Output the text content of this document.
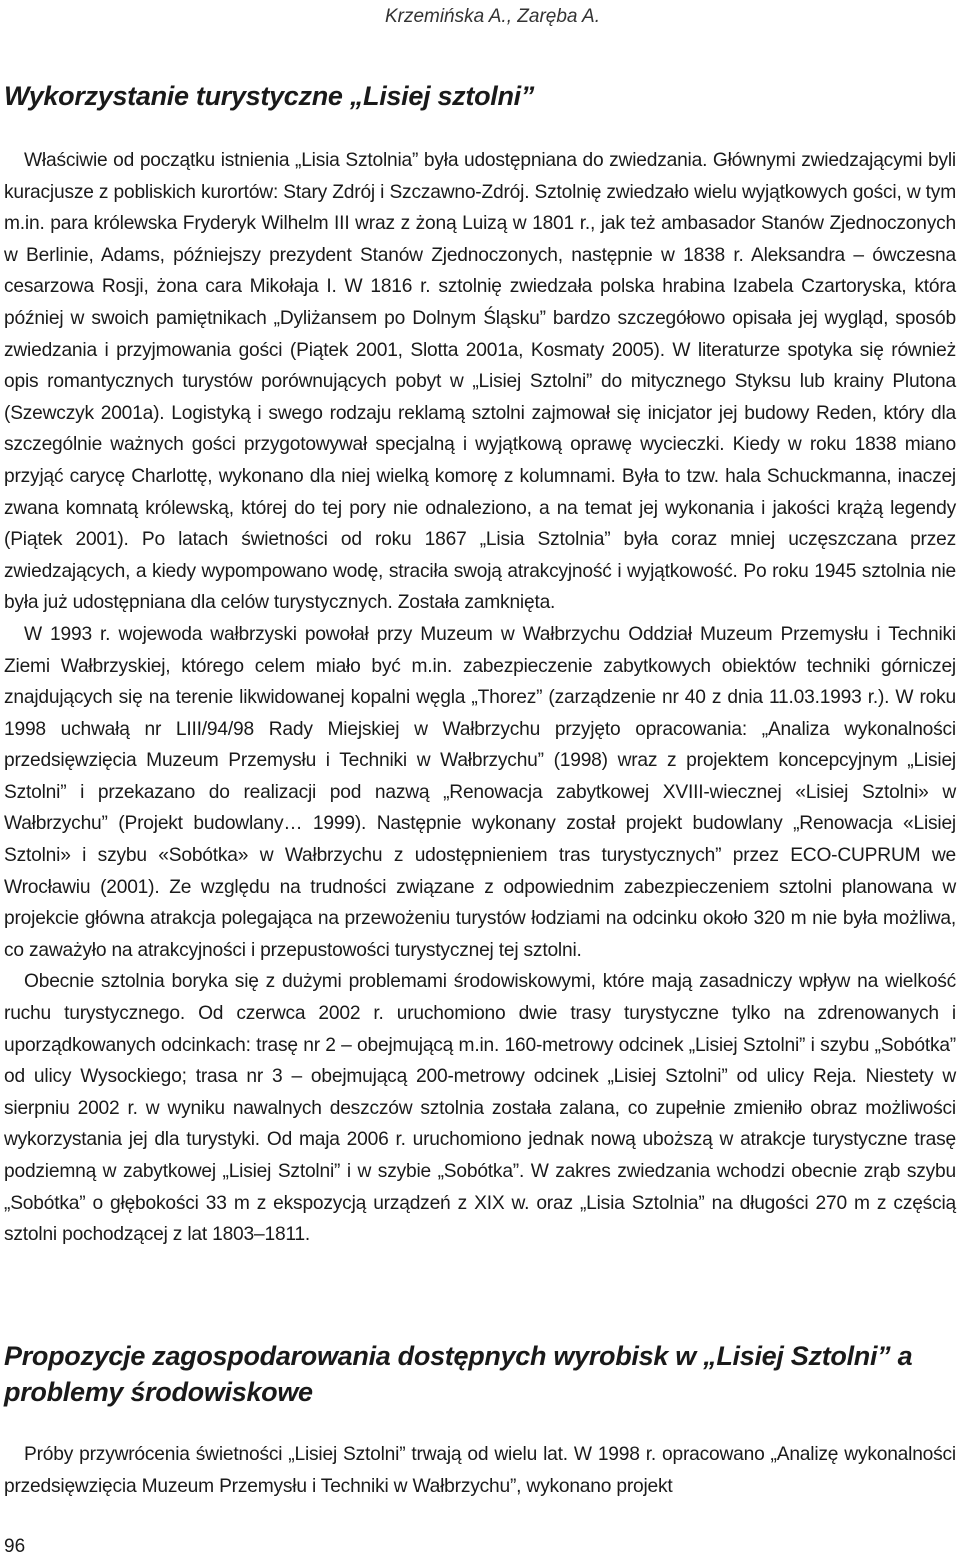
Krzemińska A., Zaręba A.
Wykorzystanie turystyczne „Lisiej sztolni”

Właściwie od początku istnienia „Lisia Sztolnia” była udostępniana do zwiedzania. Głównymi zwiedzającymi byli kuracjusze z pobliskich kurortów: Stary Zdrój i Szczawno-Zdrój. Sztolnię zwiedzało wielu wyjątkowych gości, w tym m.in. para królewska Fryderyk Wilhelm III wraz z żoną Luizą w 1801 r., jak też ambasador Stanów Zjednoczonych w Berlinie, Adams, późniejszy prezydent Stanów Zjednoczonych, następnie w 1838 r. Aleksandra – ówczesna cesarzowa Rosji, żona cara Mikołaja I. W 1816 r. sztolnię zwiedzała polska hrabina Izabela Czartoryska, która później w swoich pamiętnikach „Dyliżansem po Dolnym Śląsku” bardzo szczegółowo opisała jej wygląd, sposób zwiedzania i przyjmowania gości (Piątek 2001, Slotta 2001a, Kosmaty 2005). W literaturze spotyka się również opis romantycznych turystów porównujących pobyt w „Lisiej Sztolni” do mitycznego Styksu lub krainy Plutona (Szewczyk 2001a). Logistyką i swego rodzaju reklamą sztolni zajmował się inicjator jej budowy Reden, który dla szczególnie ważnych gości przygotowywał specjalną i wyjątkową oprawę wycieczki. Kiedy w roku 1838 miano przyjąć carycę Charlottę, wykonano dla niej wielką komorę z kolumnami. Była to tzw. hala Schuckmanna, inaczej zwana komnatą królewską, której do tej pory nie odnaleziono, a na temat jej wykonania i jakości krążą legendy (Piątek 2001). Po latach świetności od roku 1867 „Lisia Sztolnia” była coraz mniej uczęszczana przez zwiedzających, a kiedy wypompowano wodę, straciła swoją atrakcyjność i wyjątkowość. Po roku 1945 sztolnia nie była już udostępniana dla celów turystycznych. Została zamknięta.

W 1993 r. wojewoda wałbrzyski powołał przy Muzeum w Wałbrzychu Oddział Muzeum Przemysłu i Techniki Ziemi Wałbrzyskiej, którego celem miało być m.in. zabezpieczenie zabytkowych obiektów techniki górniczej znajdujących się na terenie likwidowanej kopalni węgla „Thorez” (zarządzenie nr 40 z dnia 11.03.1993 r.). W roku 1998 uchwałą nr LIII/94/98 Rady Miejskiej w Wałbrzychu przyjęto opracowania: „Analiza wykonalności przedsięwzięcia Muzeum Przemysłu i Techniki w Wałbrzychu” (1998) wraz z projektem koncepcyjnym „Lisiej Sztolni” i przekazano do realizacji pod nazwą „Renowacja zabytkowej XVIII-wiecznej «Lisiej Sztolni» w Wałbrzychu” (Projekt budowlany… 1999). Następnie wykonany został projekt budowlany „Renowacja «Lisiej Sztolni» i szybu «Sobótka» w Wałbrzychu z udostępnieniem tras turystycznych” przez ECO-CUPRUM we Wrocławiu (2001). Ze względu na trudności związane z odpowiednim zabezpieczeniem sztolni planowana w projekcie główna atrakcja polegająca na przewożeniu turystów łodziami na odcinku około 320 m nie była możliwa, co zaważyło na atrakcyjności i przepustowości turystycznej tej sztolni.

Obecnie sztolnia boryka się z dużymi problemami środowiskowymi, które mają zasadniczy wpływ na wielkość ruchu turystycznego. Od czerwca 2002 r. uruchomiono dwie trasy turystyczne tylko na zdrenowanych i uporządkowanych odcinkach: trasę nr 2 – obejmującą m.in. 160-metrowy odcinek „Lisiej Sztolni” i szybu „Sobótka” od ulicy Wysockiego; trasa nr 3 – obejmującą 200-metrowy odcinek „Lisiej Sztolni” od ulicy Reja. Niestety w sierpniu 2002 r. w wyniku nawalnych deszczów sztolnia została zalana, co zupełnie zmieniło obraz możliwości wykorzystania jej dla turystyki. Od maja 2006 r. uruchomiono jednak nową uboższą w atrakcje turystyczne trasę podziemną w zabytkowej „Lisiej Sztolni” i w szybie „Sobótka”. W zakres zwiedzania wchodzi obecnie zrąb szybu „Sobótka” o głębokości 33 m z ekspozycją urządzeń z XIX w. oraz „Lisia Sztolnia” na długości 270 m z częścią sztolni pochodzącej z lat 1803–1811.

Propozycje zagospodarowania dostępnych wyrobisk w „Lisiej Sztolni” a problemy środowiskowe

Próby przywrócenia świetności „Lisiej Sztolni” trwają od wielu lat. W 1998 r. opracowano „Analizę wykonalności przedsięwzięcia Muzeum Przemysłu i Techniki w Wałbrzychu”, wykonano projekt

96
